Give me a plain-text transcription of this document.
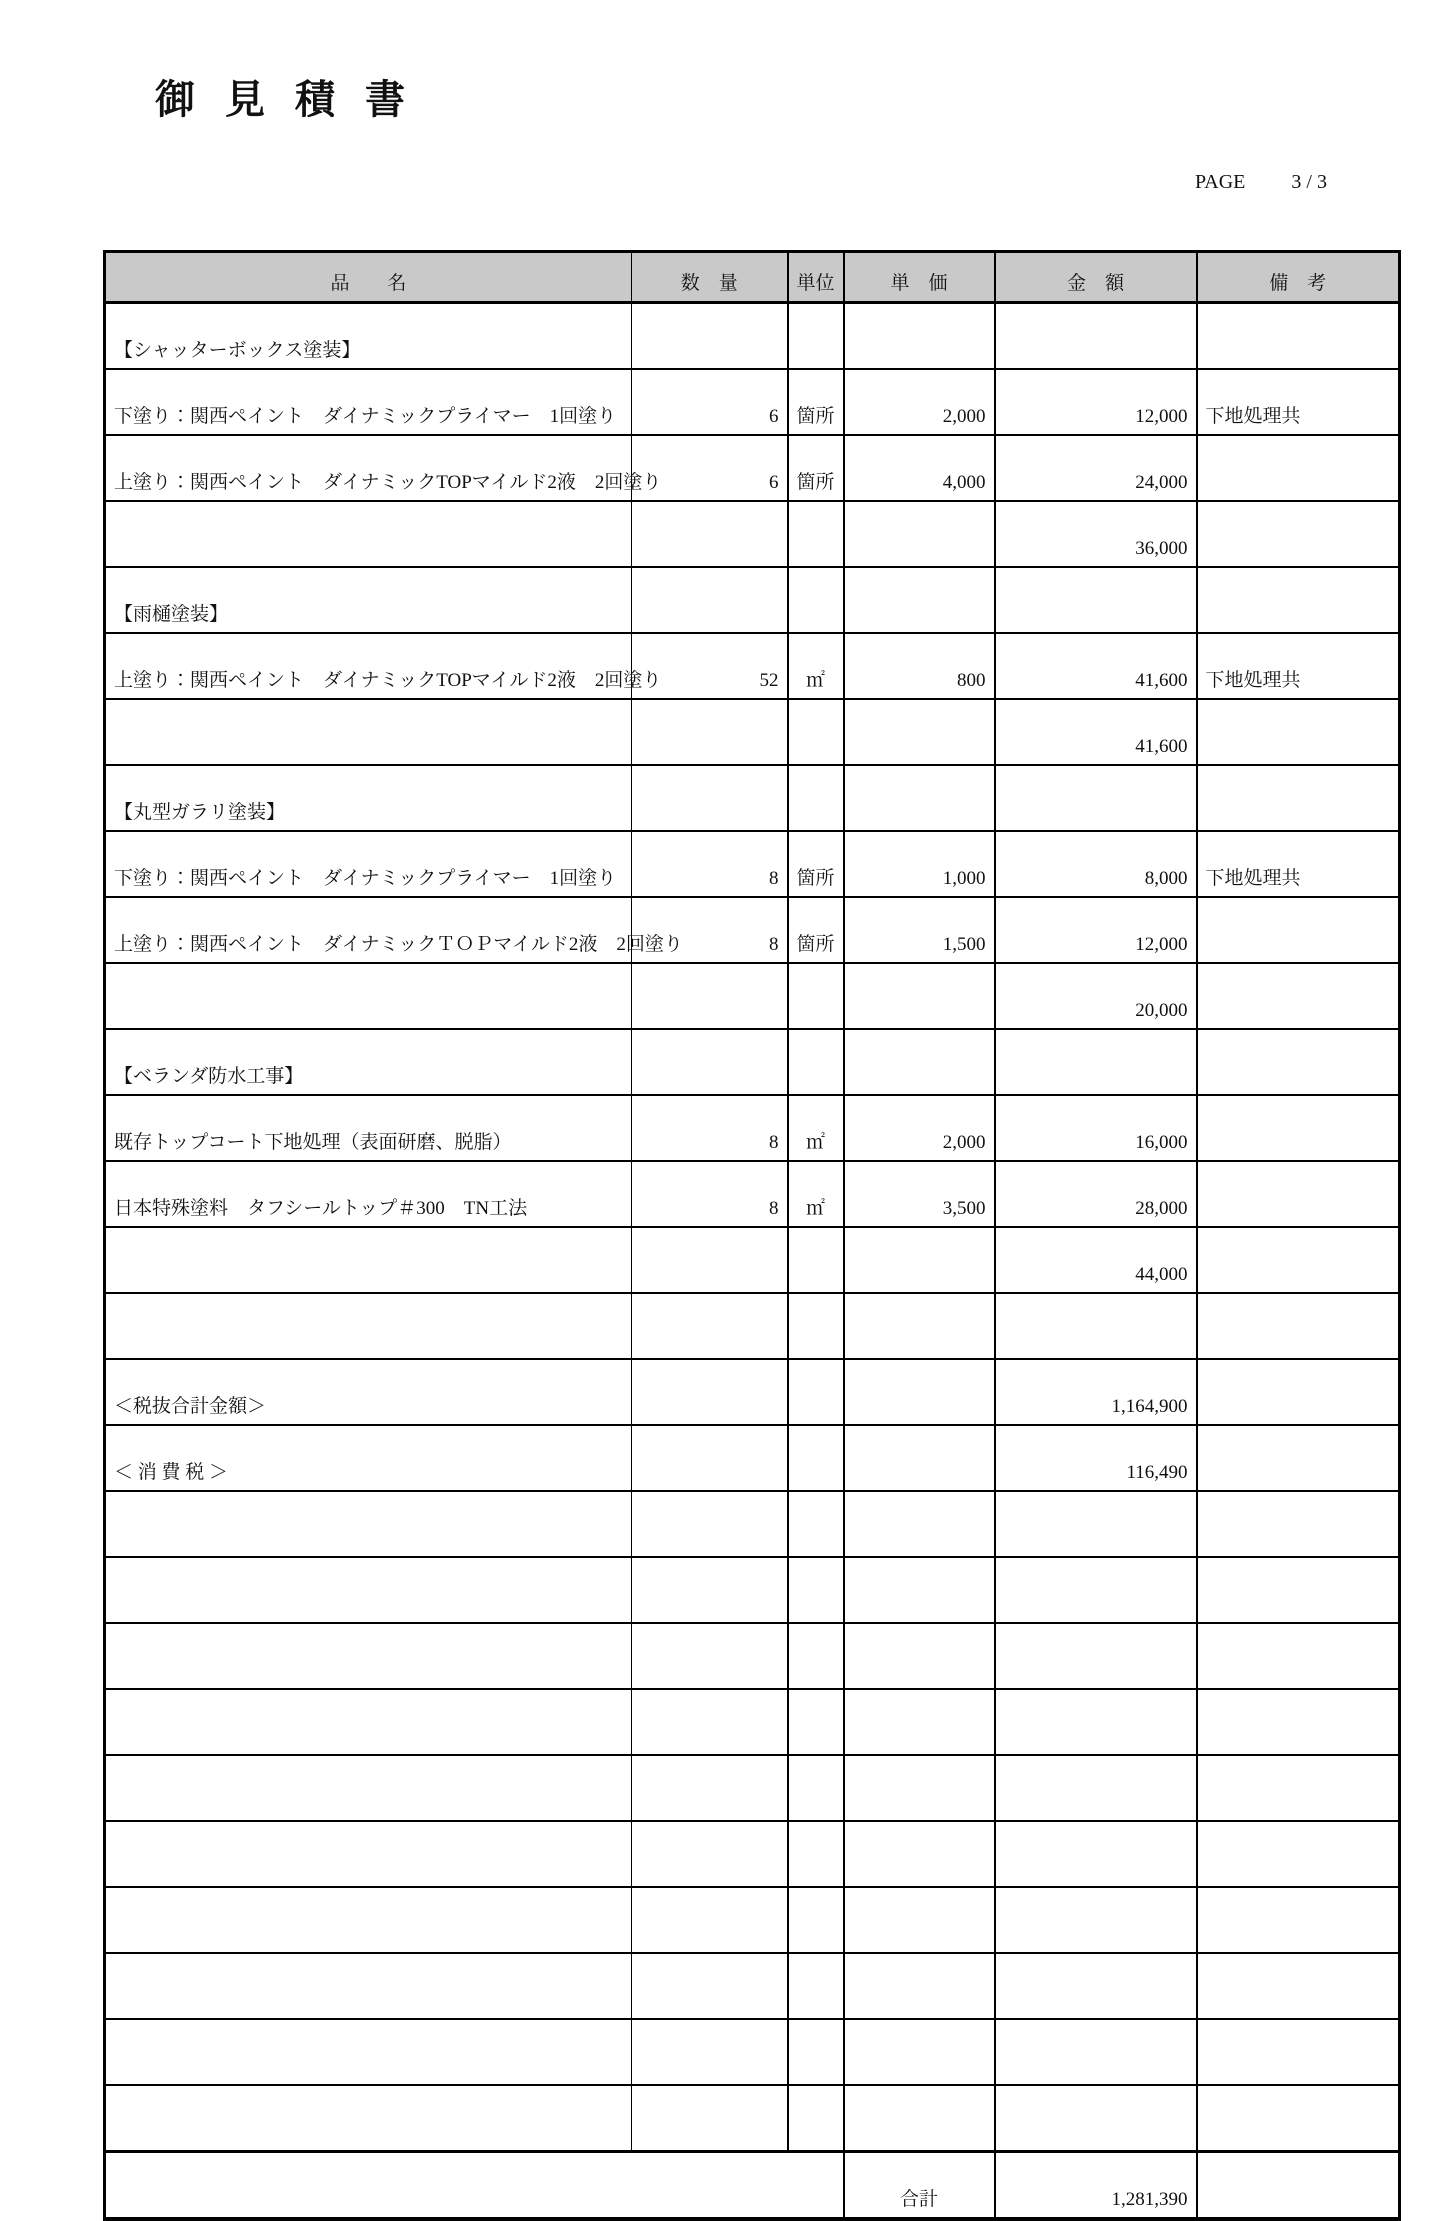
御 見 積 書

PAGE 3 / 3

品　　名	数　量	単位	単　価	金　額	備　考
【シャッターボックス塗装】					
下塗り：関西ペイント　ダイナミックプライマー　1回塗り	6	箇所	2,000	12,000	下地処理共
上塗り：関西ペイント　ダイナミックTOPマイルド2液　2回塗り	6	箇所	4,000	24,000	
				36,000	
【雨樋塗装】					
上塗り：関西ペイント　ダイナミックTOPマイルド2液　2回塗り	52	㎡	800	41,600	下地処理共
				41,600	
【丸型ガラリ塗装】					
下塗り：関西ペイント　ダイナミックプライマー　1回塗り	8	箇所	1,000	8,000	下地処理共
上塗り：関西ペイント　ダイナミックＴＯＰマイルド2液　2回塗り	8	箇所	1,500	12,000	
				20,000	
【ベランダ防水工事】					
既存トップコート下地処理（表面研磨、脱脂）	8	㎡	2,000	16,000	
日本特殊塗料　タフシールトップ＃300　TN工法	8	㎡	3,500	28,000	
				44,000	

＜税抜合計金額＞				1,164,900	
＜ 消 費 税 ＞				116,490	

			合計	1,281,390	
